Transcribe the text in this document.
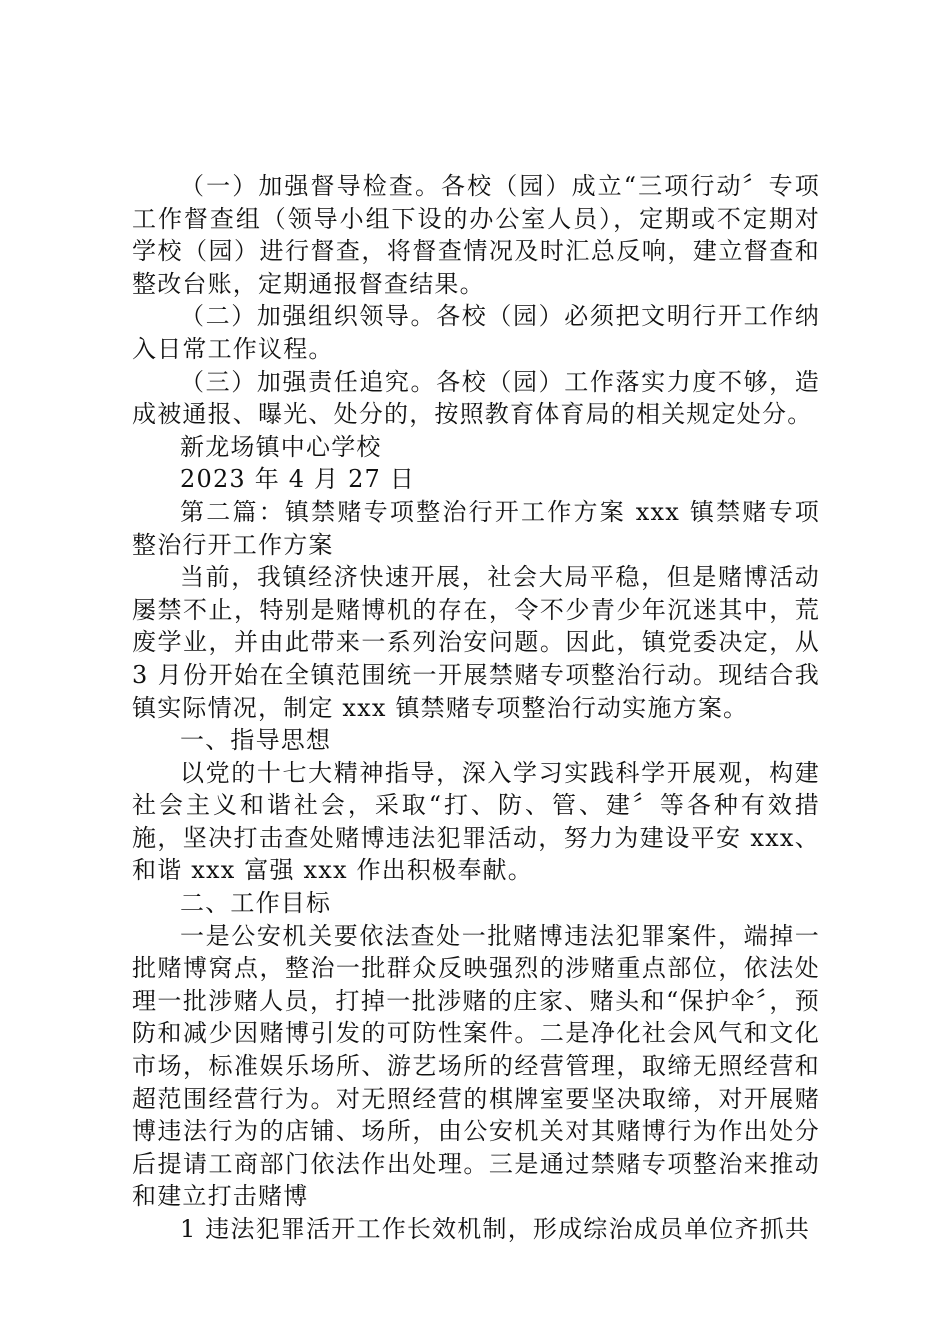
（一）加强督导检查。各校（园）成立“三项行动〞专项工作督查组（领导小组下设的办公室人员），定期或不定期对学校（园）进行督查，将督查情况及时汇总反响，建立督查和整改台账，定期通报督查结果。

（二）加强组织领导。各校（园）必须把文明行开工作纳入日常工作议程。

（三）加强责任追究。各校（园）工作落实力度不够，造成被通报、曝光、处分的，按照教育体育局的相关规定处分。

新龙场镇中心学校

2023 年 4 月 27 日

第二篇：镇禁赌专项整治行开工作方案 xxx 镇禁赌专项整治行开工作方案

当前，我镇经济快速开展，社会大局平稳，但是赌博活动屡禁不止，特别是赌博机的存在，令不少青少年沉迷其中，荒废学业，并由此带来一系列治安问题。因此，镇党委决定，从 3 月份开始在全镇范围统一开展禁赌专项整治行动。现结合我镇实际情况，制定 xxx 镇禁赌专项整治行动实施方案。

一、指导思想

以党的十七大精神指导，深入学习实践科学开展观，构建社会主义和谐社会，采取“打、防、管、建〞等各种有效措施，坚决打击查处赌博违法犯罪活动，努力为建设平安 xxx、和谐 xxx 富强 xxx 作出积极奉献。

二、工作目标

一是公安机关要依法查处一批赌博违法犯罪案件，端掉一批赌博窝点，整治一批群众反映强烈的涉赌重点部位，依法处理一批涉赌人员，打掉一批涉赌的庄家、赌头和“保护伞〞，预防和减少因赌博引发的可防性案件。二是净化社会风气和文化市场，标准娱乐场所、游艺场所的经营管理，取缔无照经营和超范围经营行为。对无照经营的棋牌室要坚决取缔，对开展赌博违法行为的店铺、场所，由公安机关对其赌博行为作出处分后提请工商部门依法作出处理。三是通过禁赌专项整治来推动和建立打击赌博

1 违法犯罪活开工作长效机制，形成综治成员单位齐抓共
